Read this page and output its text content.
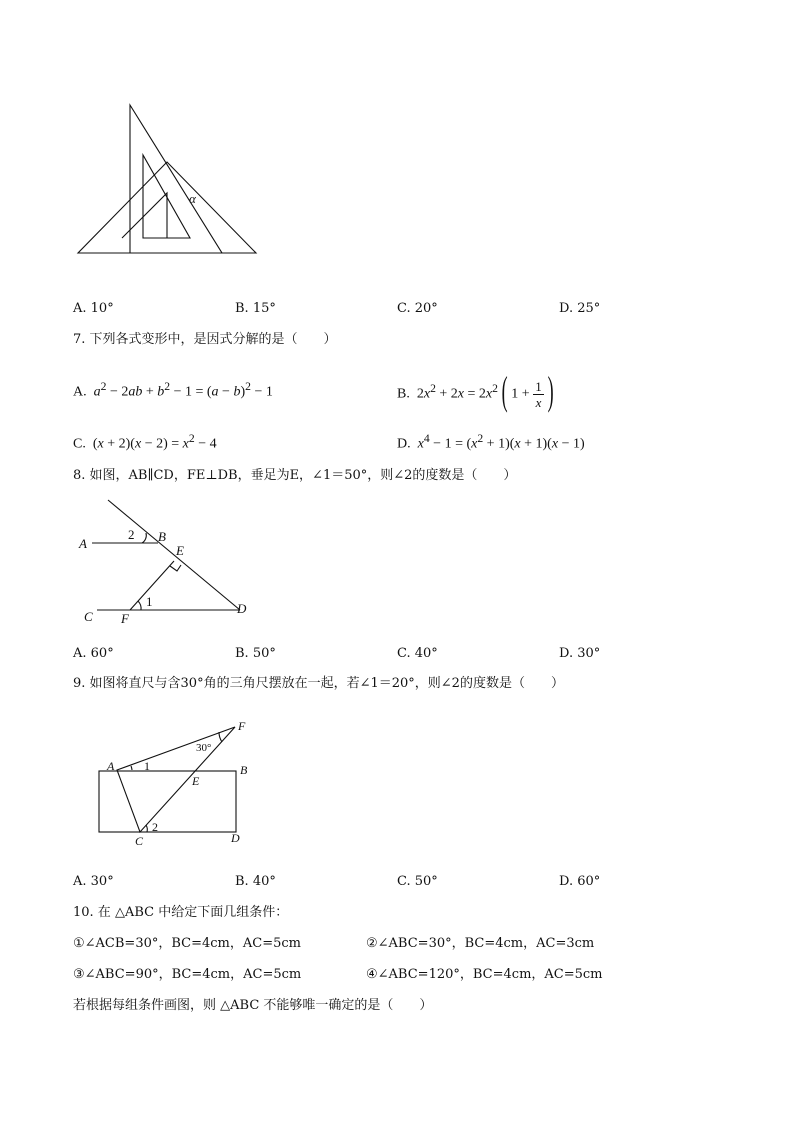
α
A. 10°	B. 15°	C. 20°	D. 25°
7. 下列各式变形中，是因式分解的是（　　）
A. $a^2 - 2ab + b^2 - 1 = (a - b)^2 - 1$	B.  $2x^2 + 2x = 2x^2$( $1 + \frac{1}{x}$ )
C.  $(x + 2)(x - 2) = x^2 - 4$	D. $x^4 - 1 = (x^2 + 1)(x + 1)(x - 1)$
8. 如图，AB∥CD，FE⊥DB，垂足为E，∠1＝50°，则∠2的度数是（　　）
A	B
E
C F
D
2
1
A. 60°	B. 50°	C. 40°	D. 30°
9. 如图将直尺与含30°角的三角尺摆放在一起，若∠1＝20°，则∠2的度数是（　　）
F
30°
A 1	B
E
2
C	D
A. 30°	B. 40°	C. 50°	D. 60°
10. 在 △ABC 中给定下面几组条件：
①∠ACB=30°，BC=4cm，AC=5cm	②∠ABC=30°，BC=4cm，AC=3cm
③∠ABC=90°，BC=4cm，AC=5cm	④∠ABC=120°，BC=4cm，AC=5cm
若根据每组条件画图，则 △ABC 不能够唯一确定的是（　　）
